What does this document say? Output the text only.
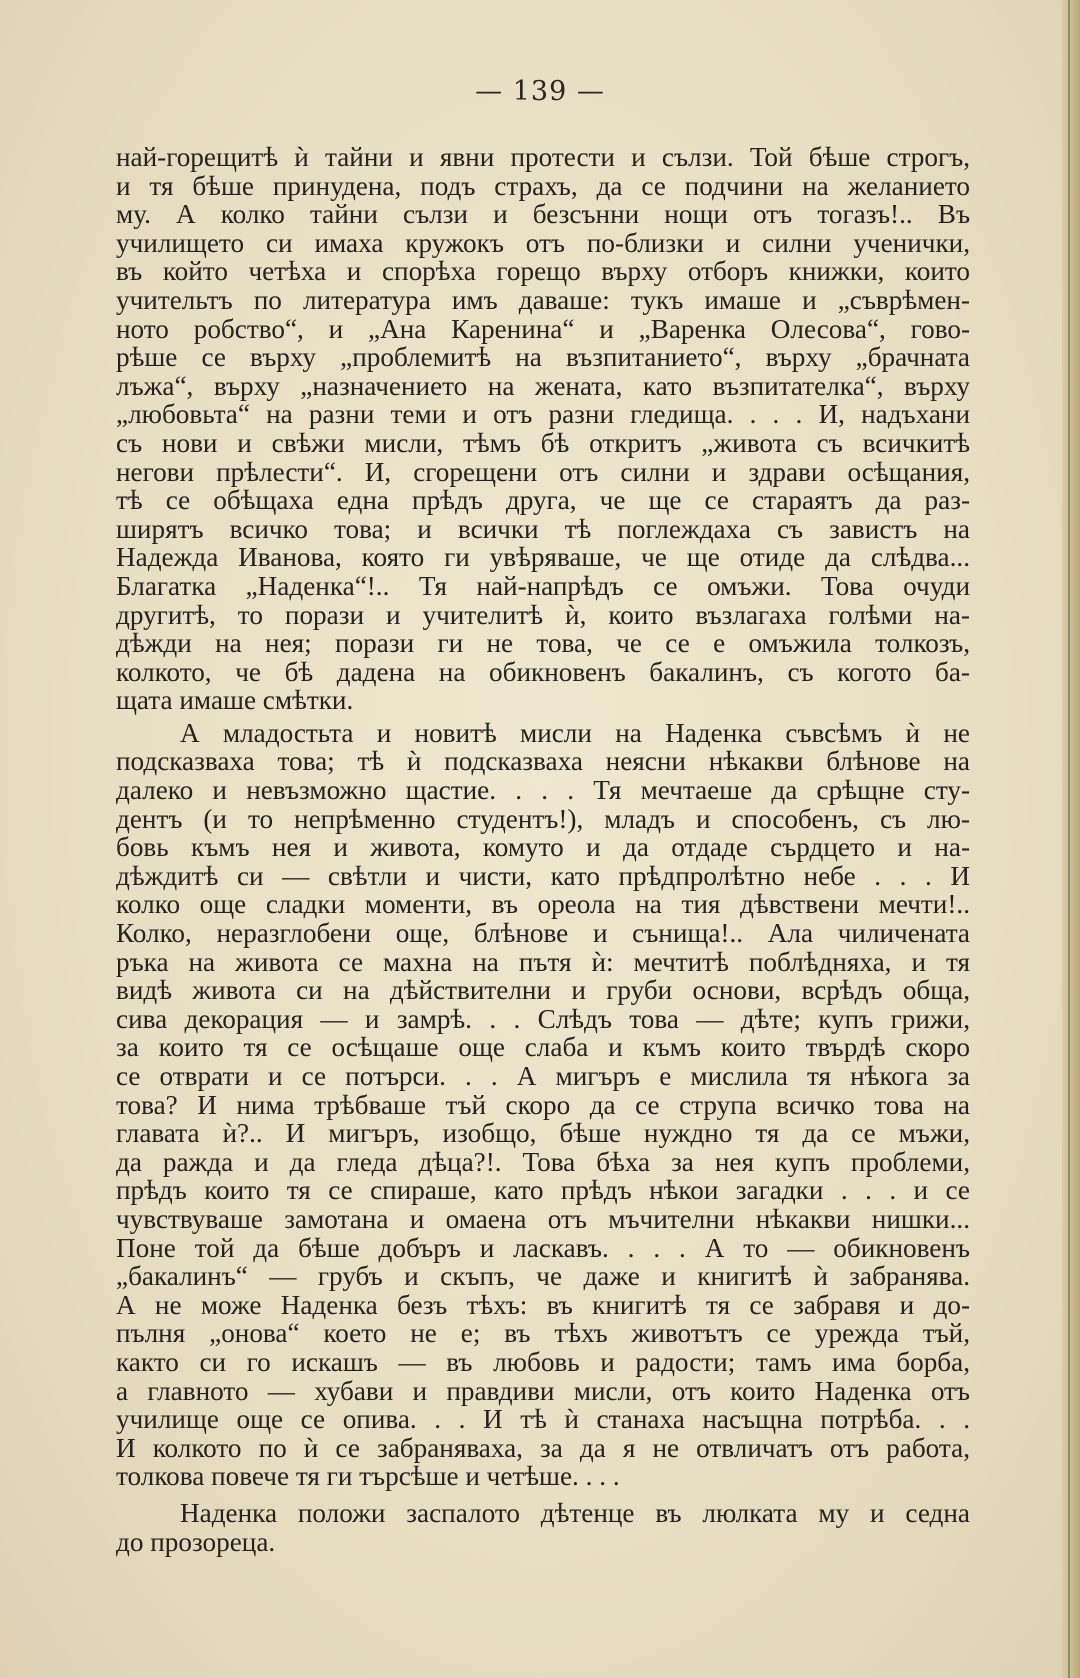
— 139 —
най-горещитѣ ѝ тайни и явни протести и сълзи. Той бѣше строгъ,
и тя бѣше принудена, подъ страхъ, да се подчини на желанието
му. А колко тайни сълзи и безсънни нощи отъ тогазъ!.. Въ
училището си имаха кружокъ отъ по-близки и силни ученички,
въ който четѣха и спорѣха горещо върху отборъ книжки, които
учительтъ по литература имъ даваше: тукъ имаше и „съврѣмен-
ното робство“, и „Ана Каренина“ и „Варенка Олесова“, гово-
рѣше се върху „проблемитѣ на възпитанието“, върху „брачната
лъжа“, върху „назначението на жената, като възпитателка“, върху
„любовьта“ на разни теми и отъ разни гледища. . . . И, надъхани
съ нови и свѣжи мисли, тѣмъ бѣ откритъ „живота съ всичкитѣ
негови прѣлести“. И, сгорещени отъ силни и здрави осѣщания,
тѣ се обѣщаха една прѣдъ друга, че ще се стараятъ да раз-
ширятъ всичко това; и всички тѣ поглеждаха съ завистъ на
Надежда Иванова, която ги увѣряваше, че ще отиде да слѣдва...
Благатка „Наденка“!.. Тя най-напрѣдъ се омъжи. Това очуди
другитѣ, то порази и учителитѣ ѝ, които възлагаха голѣми на-
дѣжди на нея; порази ги не това, че се е омъжила толкозъ,
колкото, че бѣ дадена на обикновенъ бакалинъ, съ когото ба-
щата имаше смѣтки.
А младостьта и новитѣ мисли на Наденка съвсѣмъ ѝ не
подсказваха това; тѣ ѝ подсказваха неясни нѣкакви блѣнове на
далеко и невъзможно щастие. . . . Тя мечтаеше да срѣщне сту-
дентъ (и то непрѣменно студентъ!), младъ и способенъ, съ лю-
бовь къмъ нея и живота, комуто и да отдаде сърдцето и на-
дѣждитѣ си — свѣтли и чисти, като прѣдпролѣтно небе . . . И
колко още сладки моменти, въ ореола на тия дѣвствени мечти!..
Колко, неразглобени още, блѣнове и сънища!.. Ала чиличената
ръка на живота се махна на пътя ѝ: мечтитѣ поблѣдняха, и тя
видѣ живота си на дѣйствителни и груби основи, всрѣдъ обща,
сива декорация — и замрѣ. . . Слѣдъ това — дѣте; купъ грижи,
за които тя се осѣщаше още слаба и къмъ които твърдѣ скоро
се отврати и се потърси. . . А мигъръ е мислила тя нѣкога за
това? И нима трѣбваше тъй скоро да се струпа всичко това на
главата ѝ?.. И мигъръ, изобщо, бѣше нуждно тя да се мъжи,
да ражда и да гледа дѣца?!. Това бѣха за нея купъ проблеми,
прѣдъ които тя се спираше, като прѣдъ нѣкои загадки . . . и се
чувствуваше замотана и омаена отъ мъчителни нѣкакви нишки...
Поне той да бѣше добъръ и ласкавъ. . . . А то — обикновенъ
„бакалинъ“ — грубъ и скъпъ, че даже и книгитѣ ѝ забранява.
А не може Наденка безъ тѣхъ: въ книгитѣ тя се забравя и до-
пълня „онова“ което не е; въ тѣхъ животътъ се урежда тъй,
както си го искашъ — въ любовь и радости; тамъ има борба,
а главното — хубави и правдиви мисли, отъ които Наденка отъ
училище още се опива. . . И тѣ ѝ станаха насъщна потрѣба. . .
И колкото по ѝ се забраняваха, за да я не отвличатъ отъ работа,
толкова повече тя ги търсѣше и четѣше. . . .
Наденка положи заспалото дѣтенце въ люлката му и седна
до прозореца.
